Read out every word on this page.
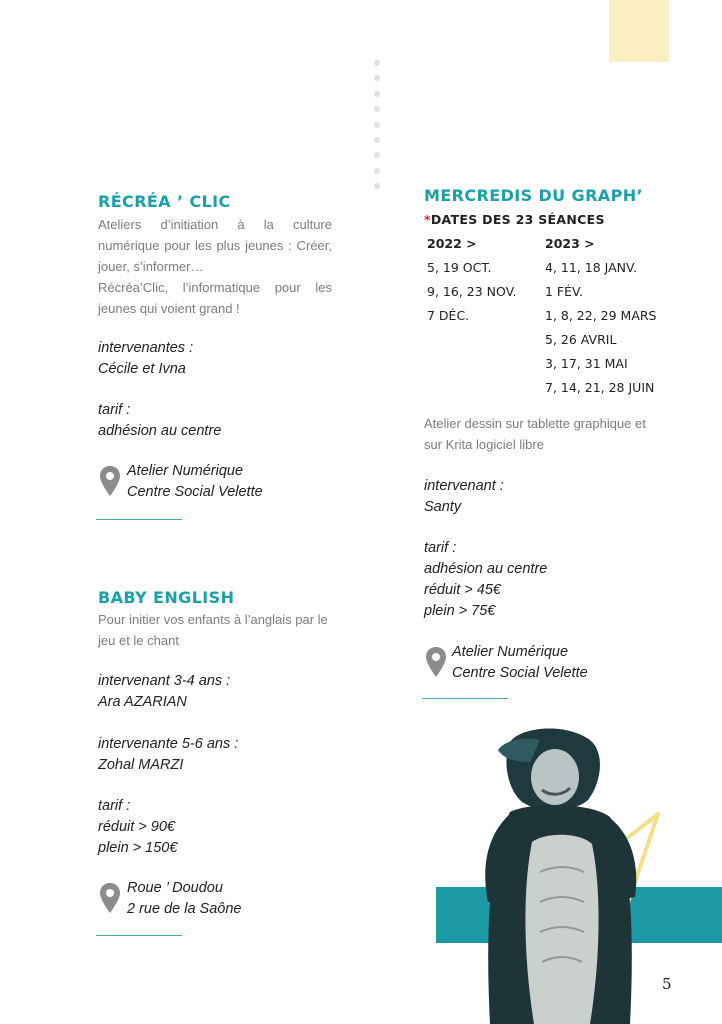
RÉCRÉA ’ CLIC
Ateliers d’initiation à la culture numérique pour les plus jeunes : Créer, jouer, s’informer…
Récréa’Clic, l’informatique pour les jeunes qui voient grand !
intervenantes :
Cécile et Ivna
tarif :
adhésion au centre
Atelier Numérique
Centre Social Velette
BABY ENGLISH
Pour initier vos enfants à l’anglais par le jeu et le chant
intervenant 3-4 ans :
Ara AZARIAN
intervenante 5-6 ans :
Zohal MARZI
tarif :
réduit > 90€
plein > 150€
Roue ’ Doudou
2 rue de la Saône
MERCREDIS DU GRAPH’
*DATES DES 23 SÉANCES
2022 >
5, 19 OCT.
9, 16, 23 NOV.
7 DÉC.
2023 >
4, 11, 18 JANV.
1 FÉV.
1, 8, 22, 29 MARS
5, 26 AVRIL
3, 17, 31 MAI
7, 14, 21, 28 JUIN
Atelier dessin sur tablette graphique et sur Krita logiciel libre
intervenant :
Santy
tarif :
adhésion au centre
réduit > 45€
plein > 75€
Atelier Numérique
Centre Social Velette
5
